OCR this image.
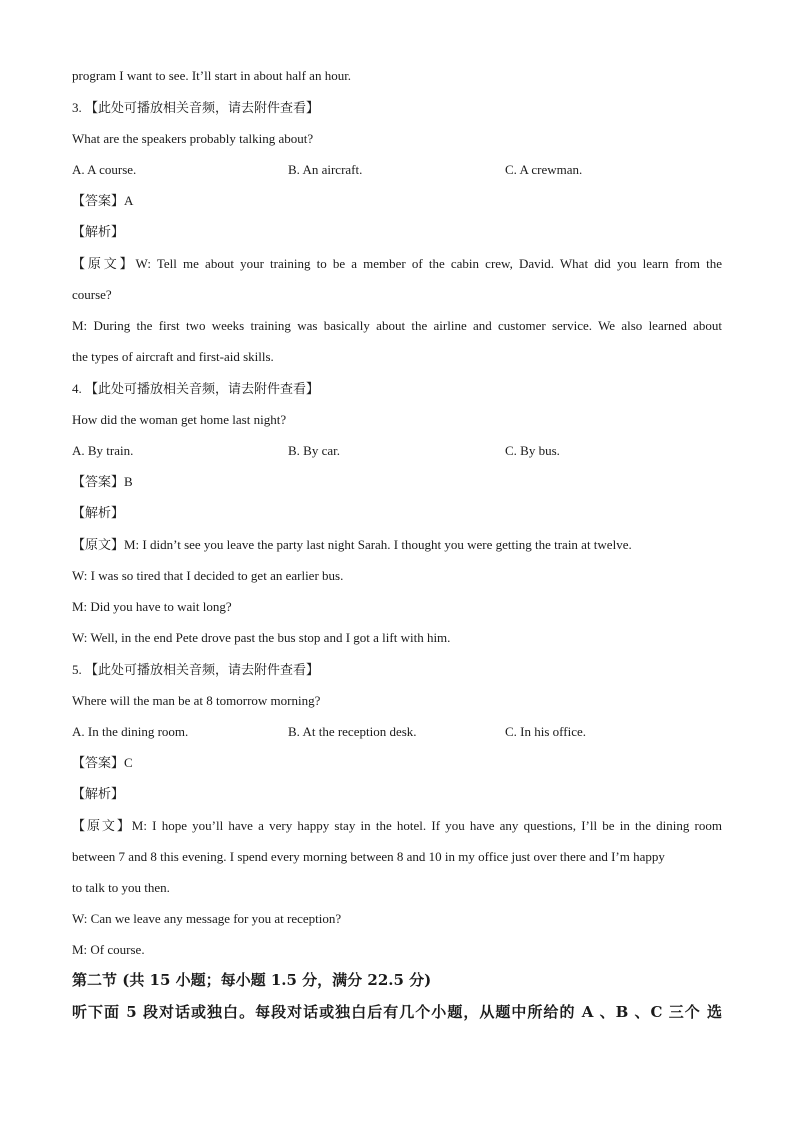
program I want to see. It’ll start in about half an hour.
3. 【此处可播放相关音频，请去附件查看】
What are the speakers probably talking about?
A. A course.	B. An aircraft.	C. A crewman.
【答案】A
【解析】
【原文】W: Tell me about your training to be a member of the cabin crew, David. What did you learn from the
course?
M: During the first two weeks training was basically about the airline and customer service. We also learned about
the types of aircraft and first-aid skills.
4. 【此处可播放相关音频，请去附件查看】
How did the woman get home last night?
A. By train.	B. By car.	C. By bus.
【答案】B
【解析】
【原文】M: I didn’t see you leave the party last night Sarah. I thought you were getting the train at twelve.
W: I was so tired that I decided to get an earlier bus.
M: Did you have to wait long?
W: Well, in the end Pete drove past the bus stop and I got a lift with him.
5. 【此处可播放相关音频，请去附件查看】
Where will the man be at 8 tomorrow morning?
A. In the dining room.	B. At the reception desk.	C. In his office.
【答案】C
【解析】
【原文】M: I hope you’ll have a very happy stay in the hotel. If you have any questions, I’ll be in the dining room
between 7 and 8 this evening. I spend every morning between 8 and 10 in my office just over there and I’m happy
to talk to you then.
W: Can we leave any message for you at reception?
M: Of course.
第二节 (共 15 小题；每小题 1.5 分，满分 22.5 分)
听下面 5 段对话或独白。每段对话或独白后有几个小题，从题中所给的 A 、B 、C 三个 选
